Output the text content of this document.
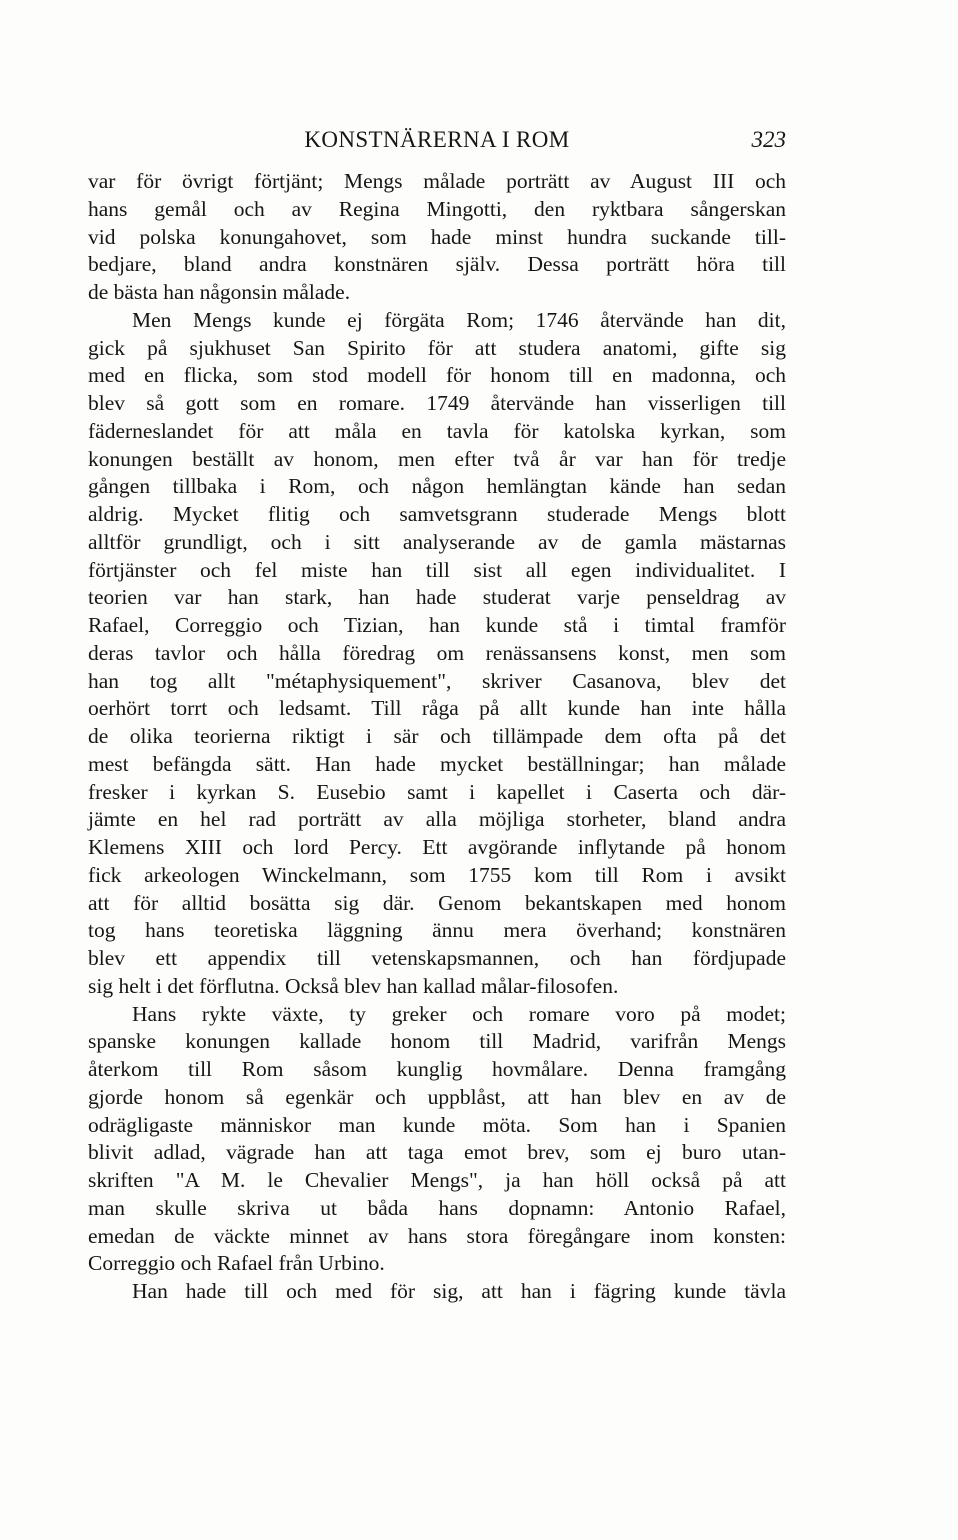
KONSTNÄRERNA I ROM	323
var för övrigt förtjänt; Mengs målade porträtt av August III och
hans gemål och av Regina Mingotti, den ryktbara sångerskan
vid polska konungahovet, som hade minst hundra suckande till-
bedjare, bland andra konstnären själv. Dessa porträtt höra till
de bästa han någonsin målade.
Men Mengs kunde ej förgäta Rom; 1746 återvände han dit,
gick på sjukhuset San Spirito för att studera anatomi, gifte sig
med en flicka, som stod modell för honom till en madonna, och
blev så gott som en romare. 1749 återvände han visserligen till
fäderneslandet för att måla en tavla för katolska kyrkan, som
konungen beställt av honom, men efter två år var han för tredje
gången tillbaka i Rom, och någon hemlängtan kände han sedan
aldrig. Mycket flitig och samvetsgrann studerade Mengs blott
alltför grundligt, och i sitt analyserande av de gamla mästarnas
förtjänster och fel miste han till sist all egen individualitet. I
teorien var han stark, han hade studerat varje penseldrag av
Rafael, Correggio och Tizian, han kunde stå i timtal framför
deras tavlor och hålla föredrag om renässansens konst, men som
han tog allt "métaphysiquement", skriver Casanova, blev det
oerhört torrt och ledsamt. Till råga på allt kunde han inte hålla
de olika teorierna riktigt i sär och tillämpade dem ofta på det
mest befängda sätt. Han hade mycket beställningar; han målade
fresker i kyrkan S. Eusebio samt i kapellet i Caserta och där-
jämte en hel rad porträtt av alla möjliga storheter, bland andra
Klemens XIII och lord Percy. Ett avgörande inflytande på honom
fick arkeologen Winckelmann, som 1755 kom till Rom i avsikt
att för alltid bosätta sig där. Genom bekantskapen med honom
tog hans teoretiska läggning ännu mera överhand; konstnären
blev ett appendix till vetenskapsmannen, och han fördjupade
sig helt i det förflutna. Också blev han kallad målar-filosofen.
Hans rykte växte, ty greker och romare voro på modet;
spanske konungen kallade honom till Madrid, varifrån Mengs
återkom till Rom såsom kunglig hovmålare. Denna framgång
gjorde honom så egenkär och uppblåst, att han blev en av de
odrägligaste människor man kunde möta. Som han i Spanien
blivit adlad, vägrade han att taga emot brev, som ej buro utan-
skriften "A M. le Chevalier Mengs", ja han höll också på att
man skulle skriva ut båda hans dopnamn: Antonio Rafael,
emedan de väckte minnet av hans stora föregångare inom konsten:
Correggio och Rafael från Urbino.
Han hade till och med för sig, att han i fägring kunde tävla
